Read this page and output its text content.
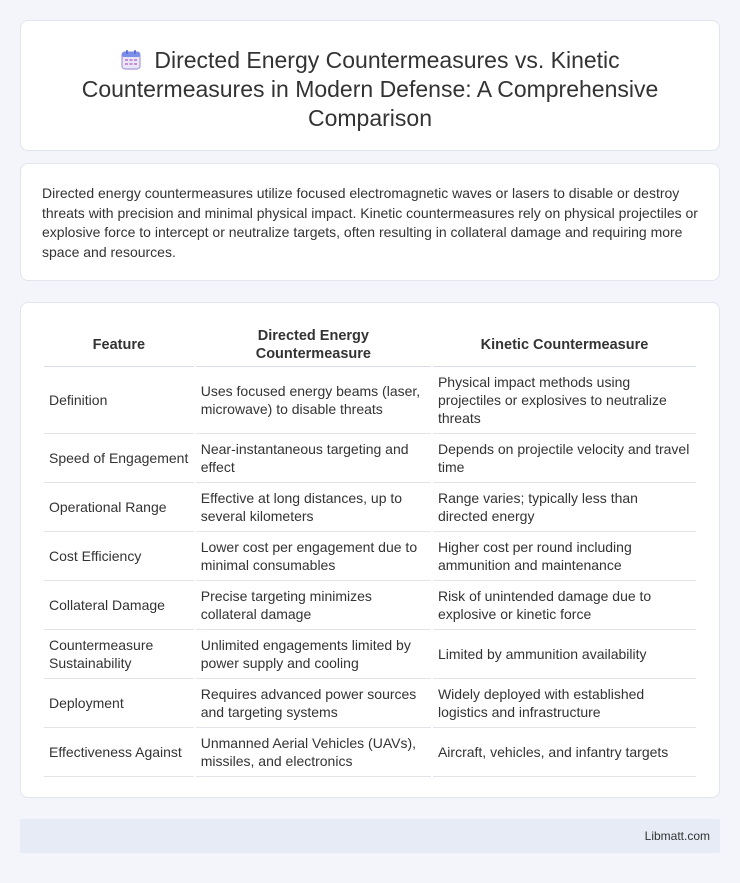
Directed Energy Countermeasures vs. Kinetic Countermeasures in Modern Defense: A Comprehensive Comparison

Directed energy countermeasures utilize focused electromagnetic waves or lasers to disable or destroy threats with precision and minimal physical impact. Kinetic countermeasures rely on physical projectiles or explosive force to intercept or neutralize targets, often resulting in collateral damage and requiring more space and resources.

Feature	Directed Energy Countermeasure	Kinetic Countermeasure
Definition	Uses focused energy beams (laser, microwave) to disable threats	Physical impact methods using projectiles or explosives to neutralize threats
Speed of Engagement	Near-instantaneous targeting and effect	Depends on projectile velocity and travel time
Operational Range	Effective at long distances, up to several kilometers	Range varies; typically less than directed energy
Cost Efficiency	Lower cost per engagement due to minimal consumables	Higher cost per round including ammunition and maintenance
Collateral Damage	Precise targeting minimizes collateral damage	Risk of unintended damage due to explosive or kinetic force
Countermeasure Sustainability	Unlimited engagements limited by power supply and cooling	Limited by ammunition availability
Deployment	Requires advanced power sources and targeting systems	Widely deployed with established logistics and infrastructure
Effectiveness Against	Unmanned Aerial Vehicles (UAVs), missiles, and electronics	Aircraft, vehicles, and infantry targets
Libmatt.com
